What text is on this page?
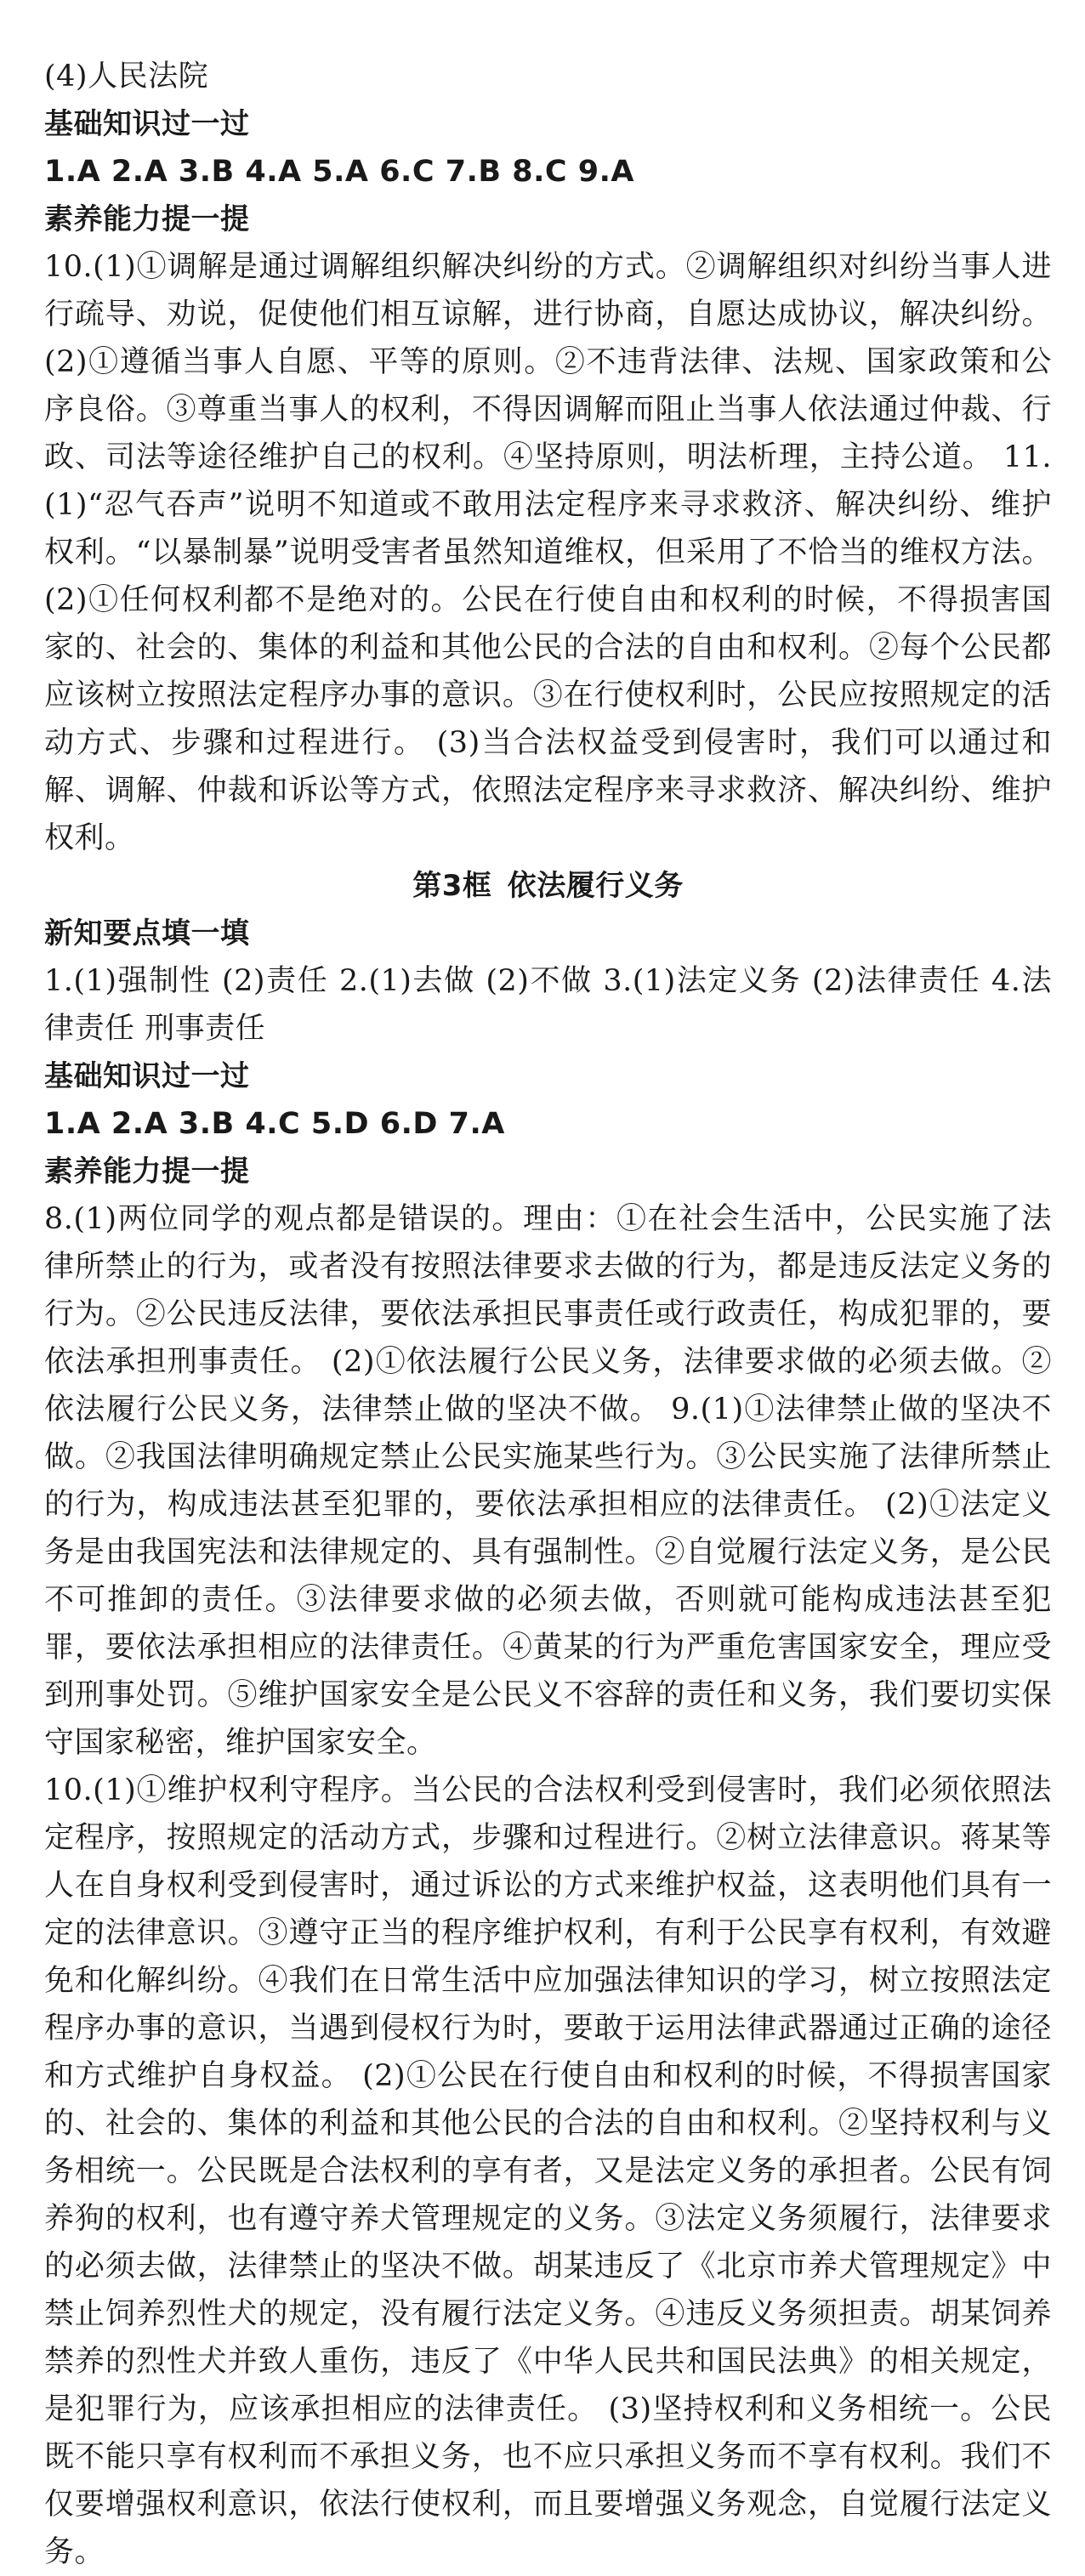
(4)人民法院
基础知识过一过
1.A 2.A 3.B 4.A 5.A 6.C 7.B 8.C 9.A
素养能力提一提
10.(1)①调解是通过调解组织解决纠纷的方式。②调解组织对纠纷当事人进行疏导、劝说，促使他们相互谅解，进行协商，自愿达成协议，解决纠纷。 (2)①遵循当事人自愿、平等的原则。②不违背法律、法规、国家政策和公序良俗。③尊重当事人的权利，不得因调解而阻止当事人依法通过仲裁、行政、司法等途径维护自己的权利。④坚持原则，明法析理，主持公道。 11.(1)“忍气吞声”说明不知道或不敢用法定程序来寻求救济、解决纠纷、维护权利。“以暴制暴”说明受害者虽然知道维权，但采用了不恰当的维权方法。 (2)①任何权利都不是绝对的。公民在行使自由和权利的时候，不得损害国家的、社会的、集体的利益和其他公民的合法的自由和权利。②每个公民都应该树立按照法定程序办事的意识。③在行使权利时，公民应按照规定的活动方式、步骤和过程进行。 (3)当合法权益受到侵害时，我们可以通过和解、调解、仲裁和诉讼等方式，依照法定程序来寻求救济、解决纠纷、维护权利。
第3框 依法履行义务
新知要点填一填
1.(1)强制性 (2)责任 2.(1)去做 (2)不做 3.(1)法定义务 (2)法律责任 4.法律责任 刑事责任
基础知识过一过
1.A 2.A 3.B 4.C 5.D 6.D 7.A
素养能力提一提
8.(1)两位同学的观点都是错误的。理由：①在社会生活中，公民实施了法律所禁止的行为，或者没有按照法律要求去做的行为，都是违反法定义务的行为。②公民违反法律，要依法承担民事责任或行政责任，构成犯罪的，要依法承担刑事责任。 (2)①依法履行公民义务，法律要求做的必须去做。②依法履行公民义务，法律禁止做的坚决不做。 9.(1)①法律禁止做的坚决不做。②我国法律明确规定禁止公民实施某些行为。③公民实施了法律所禁止的行为，构成违法甚至犯罪的，要依法承担相应的法律责任。 (2)①法定义务是由我国宪法和法律规定的、具有强制性。②自觉履行法定义务，是公民不可推卸的责任。③法律要求做的必须去做，否则就可能构成违法甚至犯罪，要依法承担相应的法律责任。④黄某的行为严重危害国家安全，理应受到刑事处罚。⑤维护国家安全是公民义不容辞的责任和义务，我们要切实保守国家秘密，维护国家安全。
10.(1)①维护权利守程序。当公民的合法权利受到侵害时，我们必须依照法定程序，按照规定的活动方式，步骤和过程进行。②树立法律意识。蒋某等人在自身权利受到侵害时，通过诉讼的方式来维护权益，这表明他们具有一定的法律意识。③遵守正当的程序维护权利，有利于公民享有权利，有效避免和化解纠纷。④我们在日常生活中应加强法律知识的学习，树立按照法定程序办事的意识，当遇到侵权行为时，要敢于运用法律武器通过正确的途径和方式维护自身权益。 (2)①公民在行使自由和权利的时候，不得损害国家的、社会的、集体的利益和其他公民的合法的自由和权利。②坚持权利与义务相统一。公民既是合法权利的享有者，又是法定义务的承担者。公民有饲养狗的权利，也有遵守养犬管理规定的义务。③法定义务须履行，法律要求的必须去做，法律禁止的坚决不做。胡某违反了《北京市养犬管理规定》中禁止饲养烈性犬的规定，没有履行法定义务。④违反义务须担责。胡某饲养禁养的烈性犬并致人重伤，违反了《中华人民共和国民法典》的相关规定，是犯罪行为，应该承担相应的法律责任。 (3)坚持权利和义务相统一。公民既不能只享有权利而不承担义务，也不应只承担义务而不享有权利。我们不仅要增强权利意识，依法行使权利，而且要增强义务观念，自觉履行法定义务。
